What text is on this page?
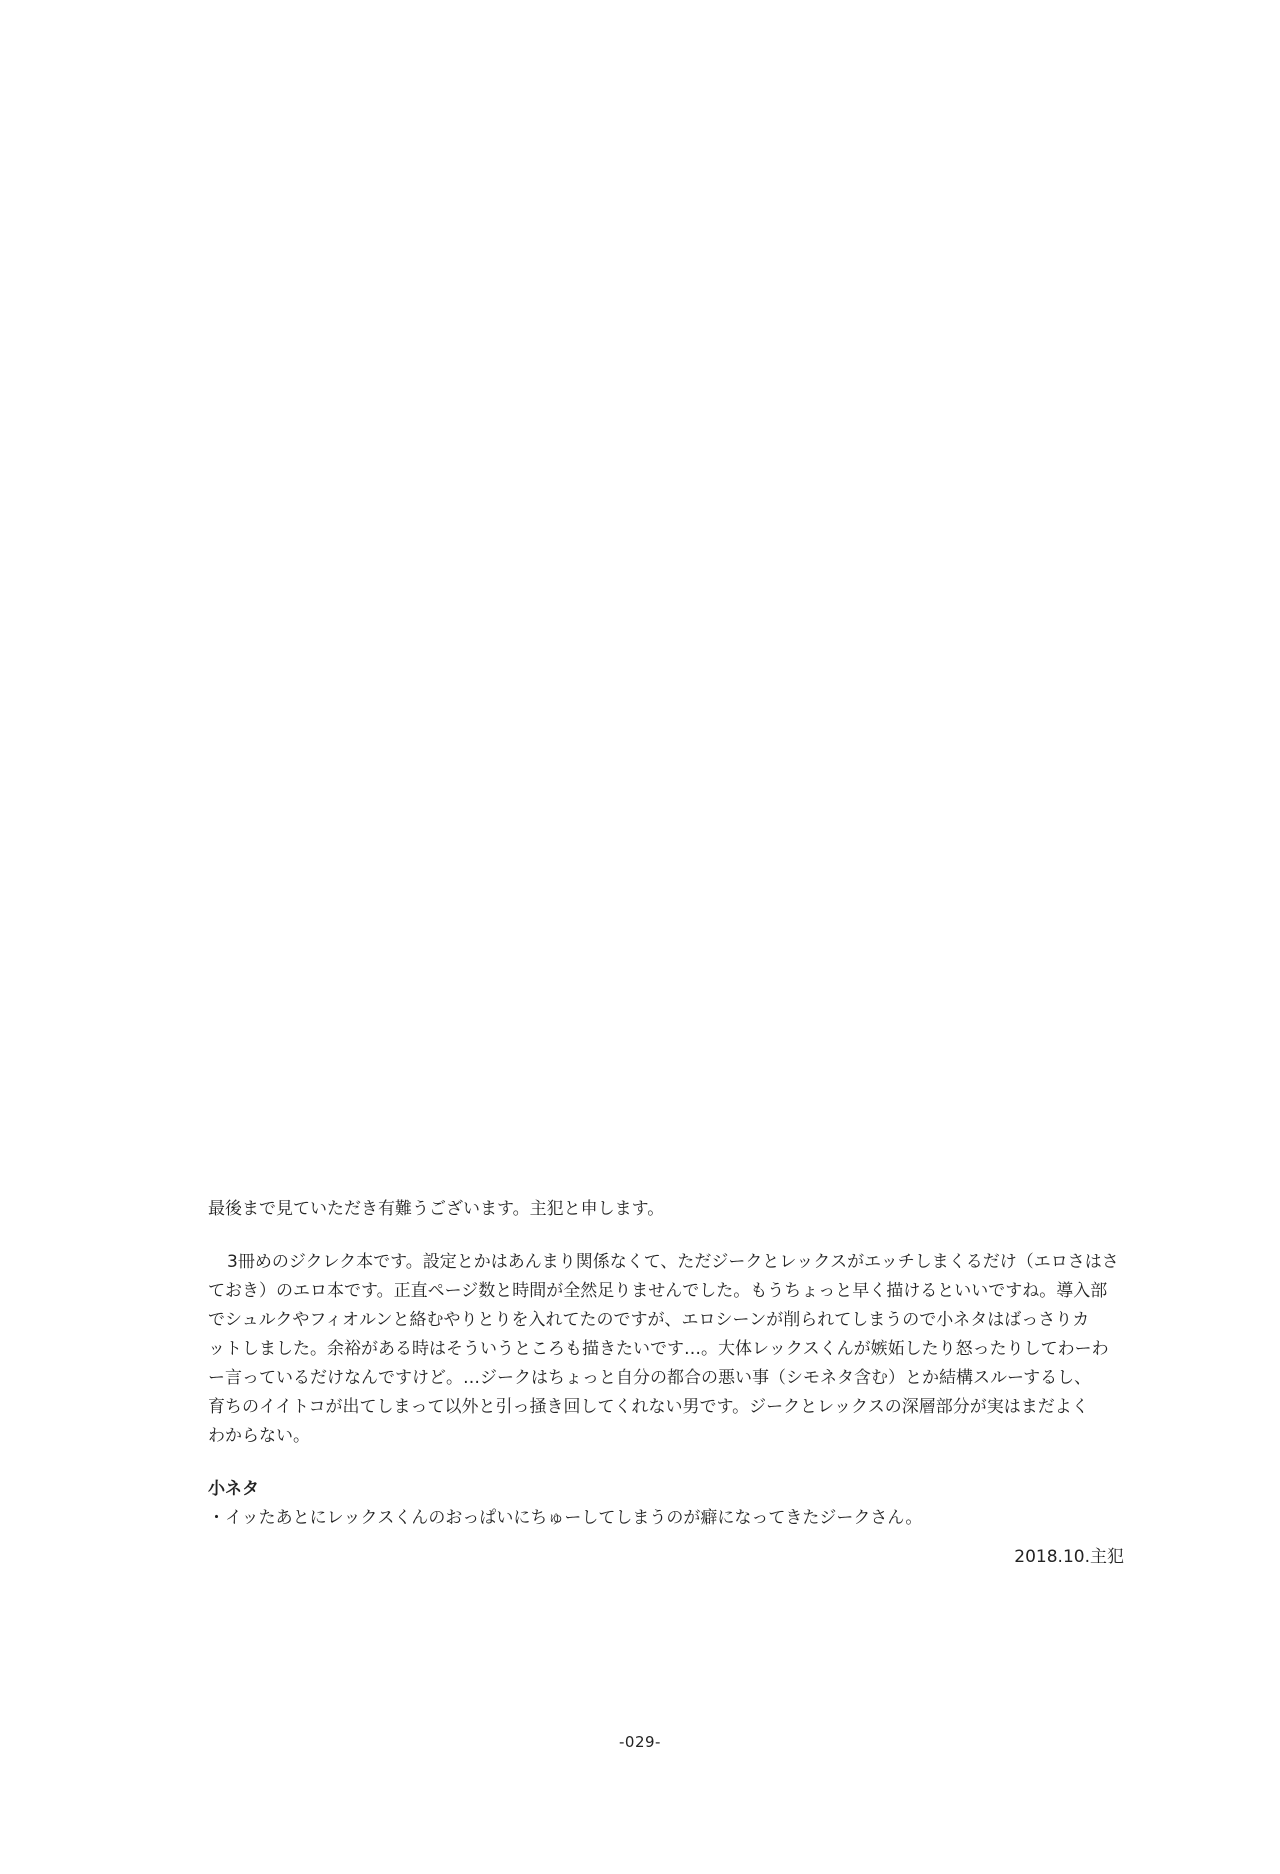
最後まで見ていただき有難うございます。主犯と申します。

3冊めのジクレク本です。設定とかはあんまり関係なくて、ただジークとレックスがエッチしまくるだけ（エロさはさ
ておき）のエロ本です。正直ページ数と時間が全然足りませんでした。もうちょっと早く描けるといいですね。導入部
でシュルクやフィオルンと絡むやりとりを入れてたのですが、エロシーンが削られてしまうので小ネタはばっさりカ
ットしました。余裕がある時はそういうところも描きたいです…。大体レックスくんが嫉妬したり怒ったりしてわーわ
ー言っているだけなんですけど。…ジークはちょっと自分の都合の悪い事（シモネタ含む）とか結構スルーするし、
育ちのイイトコが出てしまって以外と引っ掻き回してくれない男です。ジークとレックスの深層部分が実はまだよく
わからない。

小ネタ

・イッたあとにレックスくんのおっぱいにちゅーしてしまうのが癖になってきたジークさん。

2018.10.主犯

-029-
